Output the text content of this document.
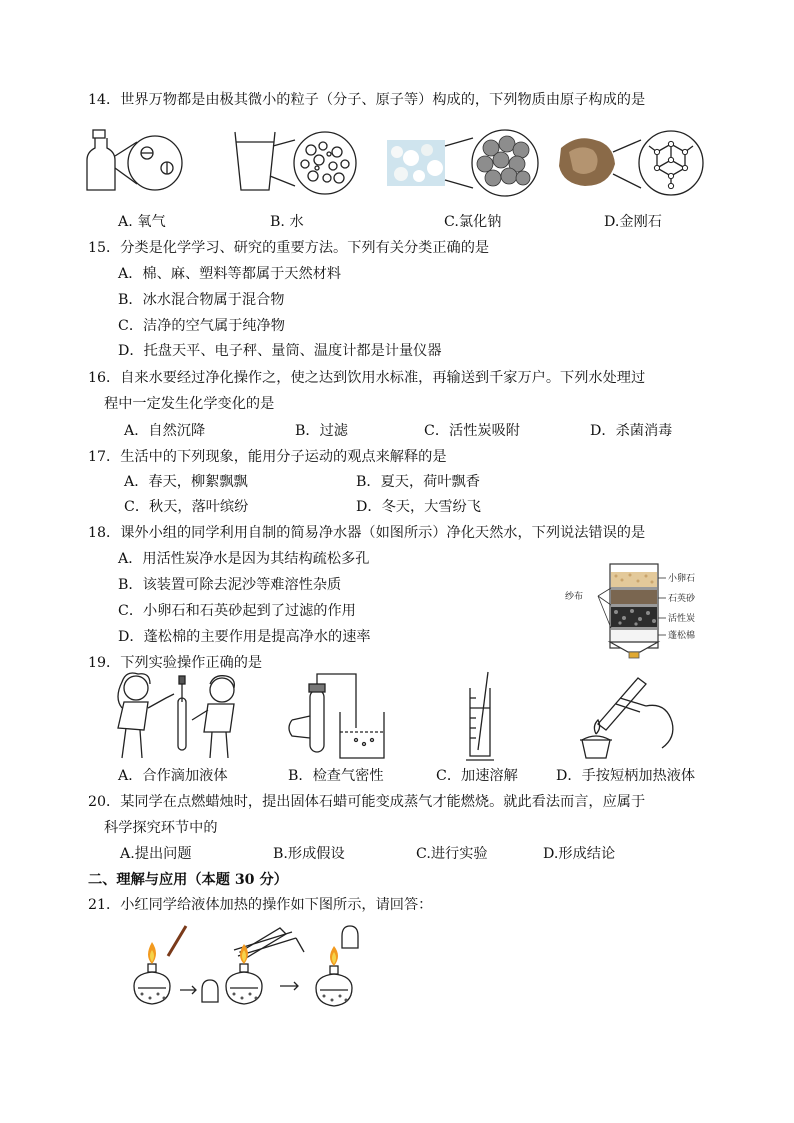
14．世界万物都是由极其微小的粒子（分子、原子等）构成的，下列物质由原子构成的是
A. 氧气	B. 水	C.氯化钠	D.金刚石
15．分类是化学学习、研究的重要方法。下列有关分类正确的是
A．棉、麻、塑料等都属于天然材料
B．冰水混合物属于混合物
C．洁净的空气属于纯净物
D．托盘天平、电子秤、量筒、温度计都是计量仪器
16．自来水要经过净化操作之，使之达到饮用水标准，再输送到千家万户。下列水处理过
程中一定发生化学变化的是
A．自然沉降	B．过滤	C．活性炭吸附	D．杀菌消毒
17．生活中的下列现象，能用分子运动的观点来解释的是
A．春天，柳絮飘飘	B．夏天，荷叶飘香
C．秋天，落叶缤纷	D．冬天，大雪纷飞
18．课外小组的同学利用自制的简易净水器（如图所示）净化天然水，下列说法错误的是
A．用活性炭净水是因为其结构疏松多孔
B．该装置可除去泥沙等难溶性杂质
C．小卵石和石英砂起到了过滤的作用
D．蓬松棉的主要作用是提高净水的速率
纱布
小卵石
石英砂
活性炭
蓬松棉
19．下列实验操作正确的是
A．合作滴加液体	B．检查气密性	C．加速溶解	D．手按短柄加热液体
20．某同学在点燃蜡烛时，提出固体石蜡可能变成蒸气才能燃烧。就此看法而言，应属于
科学探究环节中的
A.提出问题	B.形成假设	C.进行实验	D.形成结论
二、理解与应用（本题 30 分）
21．小红同学给液体加热的操作如下图所示，请回答：
